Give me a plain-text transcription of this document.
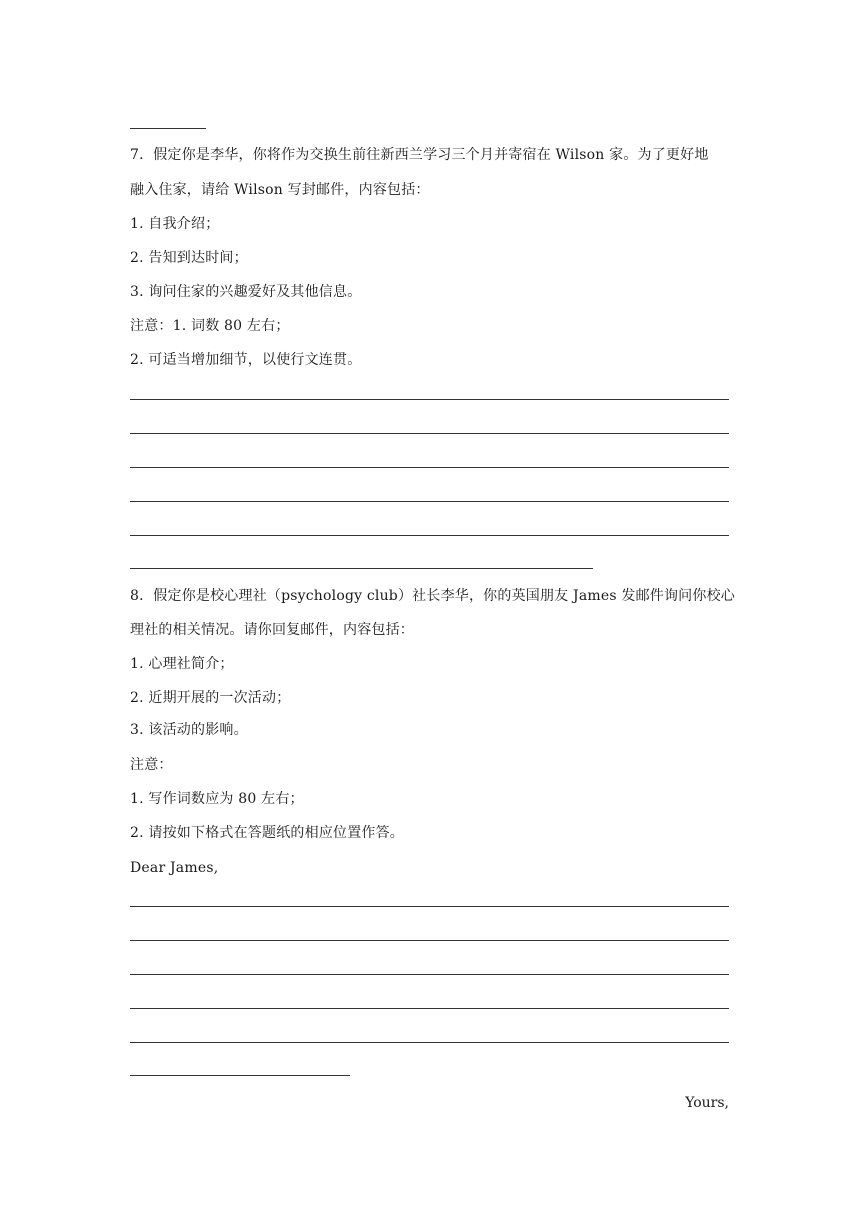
7．假定你是李华，你将作为交换生前往新西兰学习三个月并寄宿在 Wilson 家。为了更好地
融入住家，请给 Wilson 写封邮件，内容包括：
1. 自我介绍；
2. 告知到达时间；
3. 询问住家的兴趣爱好及其他信息。
注意：1. 词数 80 左右；
2. 可适当增加细节，以使行文连贯。
8．假定你是校心理社（psychology club）社长李华，你的英国朋友 James 发邮件询问你校心
理社的相关情况。请你回复邮件，内容包括：
1. 心理社简介；
2. 近期开展的一次活动；
3. 该活动的影响。
注意：
1. 写作词数应为 80 左右；
2. 请按如下格式在答题纸的相应位置作答。
Dear James,
Yours,
